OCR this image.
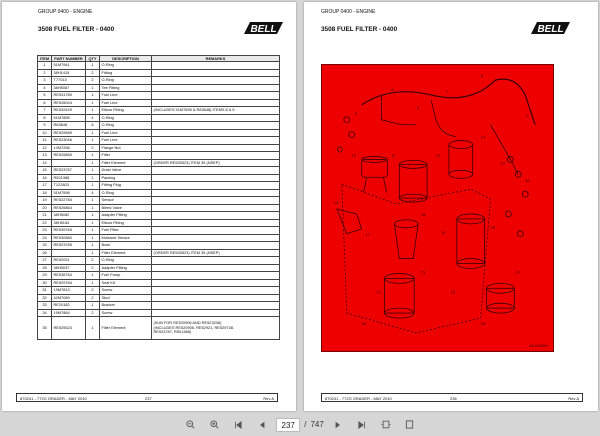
GROUP 0400 - ENGINE
3508 FUEL FILTER - 0400	BELL
ITEM	PART NUMBER	QTY	DESCRIPTION	REMARKS
1	51M7941	1	O-Ring	
2	38H1415	2	Fitting	
3	T77013	2	O-Ring	
4	38H5087	1	Tee Fitting	
5	RE531780	1	Fuel Line	
6	RE526044	1	Fuel Line	
7	RE532429	1	Elbow Fitting	(INCLUDES 51M7895 & R63648) ITEMS 8 & 5
8	51M7895	4	O-Ring	
9	R63648	6	O-Ring	
10	RE529589	1	Fuel Line	
11	RE523046	1	Fuel Line	
12	14M7296	2	Flange Nut	
13	RE526865	1	Filter	
14		1	Filter Element	(ORDER RE525523) ITEM 35 (NSEP)
15	RE523787	1	Drain Valve	
16	R501388	1	Packing	
17	T122803	1	Fitting Plug	
18	51M7598	4	O-Ring	
19	RE522784	1	Sensor	
20	RE526864	1	Bleed Valve	
21	38H5082	1	Adapter Fitting	
22	38H5154	1	Elbow Fitting	
23	RE539765	1	Fuel Filter	
24	RE530580	1	Moisture Sensor	
25	RE523785	1	Bowl	
26		1	Filter Element	(ORDER RE525523) ITEM 35 (NSEP)
27	RE52021	2	O-Ring	
28	38H5037	2	Adapter Fitting	
29	RE536784	1	Fuel Pump	
30	RE529784	1	Seal Kit	
31	19M7813	2	Screw	
32	42M7089	2	Stud	
33	RE20182	1	Bracket	
34	19M7864	2	Screw	
35	RE525523	1	Filter Element	(SUB FOR RE520906 AND RE523236)
(INCLUDES RE520906, RE52921, RE529738,
RE523787, R501388)
870241 - 772G GRADER - MAY 2010	237	Rev A
GROUP 0400 - ENGINE
3508 FUEL FILTER - 0400	BELL
3
4
5
6
7
8
9
10	11	12
13
14
15
16
17
18
19
20
21
22	23
24
25
26
NX1234567
870241 - 772G GRADER - MAY 2010	236	Rev A
237	/ 747
